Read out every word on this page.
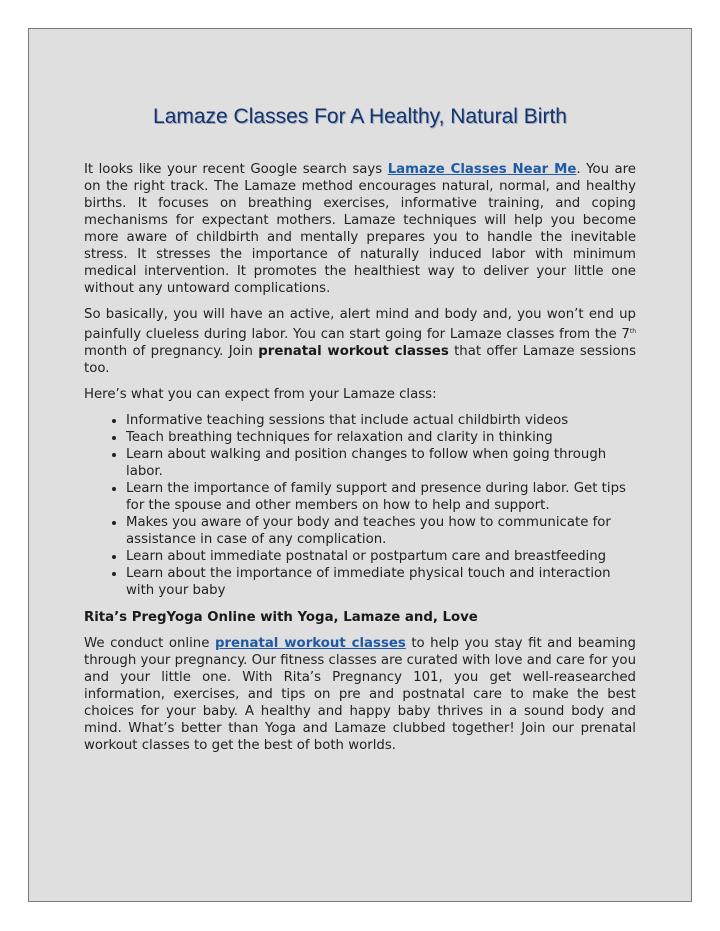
Lamaze Classes For A Healthy, Natural Birth

It looks like your recent Google search says Lamaze Classes Near Me. You are on the right track. The Lamaze method encourages natural, normal, and healthy births. It focuses on breathing exercises, informative training, and coping mechanisms for expectant mothers. Lamaze techniques will help you become more aware of childbirth and mentally prepares you to handle the inevitable stress. It stresses the importance of naturally induced labor with minimum medical intervention. It promotes the healthiest way to deliver your little one without any untoward complications.

So basically, you will have an active, alert mind and body and, you won’t end up painfully clueless during labor. You can start going for Lamaze classes from the 7th month of pregnancy. Join prenatal workout classes that offer Lamaze sessions too.

Here’s what you can expect from your Lamaze class:

• Informative teaching sessions that include actual childbirth videos
• Teach breathing techniques for relaxation and clarity in thinking
• Learn about walking and position changes to follow when going through labor.
• Learn the importance of family support and presence during labor. Get tips for the spouse and other members on how to help and support.
• Makes you aware of your body and teaches you how to communicate for assistance in case of any complication.
• Learn about immediate postnatal or postpartum care and breastfeeding
• Learn about the importance of immediate physical touch and interaction with your baby
Rita’s PregYoga Online with Yoga, Lamaze and, Love

We conduct online prenatal workout classes to help you stay fit and beaming through your pregnancy. Our fitness classes are curated with love and care for you and your little one. With Rita’s Pregnancy 101, you get well-reasearched information, exercises, and tips on pre and postnatal care to make the best choices for your baby. A healthy and happy baby thrives in a sound body and mind. What’s better than Yoga and Lamaze clubbed together! Join our prenatal workout classes to get the best of both worlds.
